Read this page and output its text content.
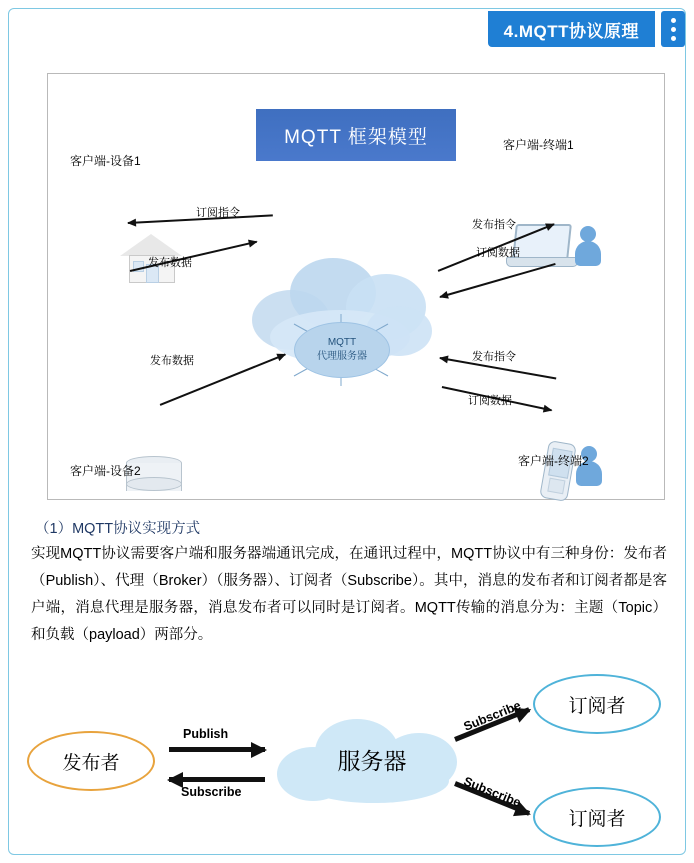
4.MQTT协议原理
MQTT 框架模型
MQTT
代理服务器
客户端-设备1
客户端-设备2
客户端-终端1
客户端-终端2
订阅指令
发布数据
发布数据
发布指令
订阅数据
发布指令
订阅数据
（1）MQTT协议实现方式
实现MQTT协议需要客户端和服务器端通讯完成，在通讯过程中，MQTT协议中有三种身份：发布者（Publish）、代理（Broker）（服务器）、订阅者（Subscribe）。其中，消息的发布者和订阅者都是客户端，消息代理是服务器，消息发布者可以同时是订阅者。MQTT传输的消息分为：主题（Topic）和负载（payload）两部分。
发布者	服务器
订阅者
订阅者
Publish
Subscribe
Subscribe
Subscribe
